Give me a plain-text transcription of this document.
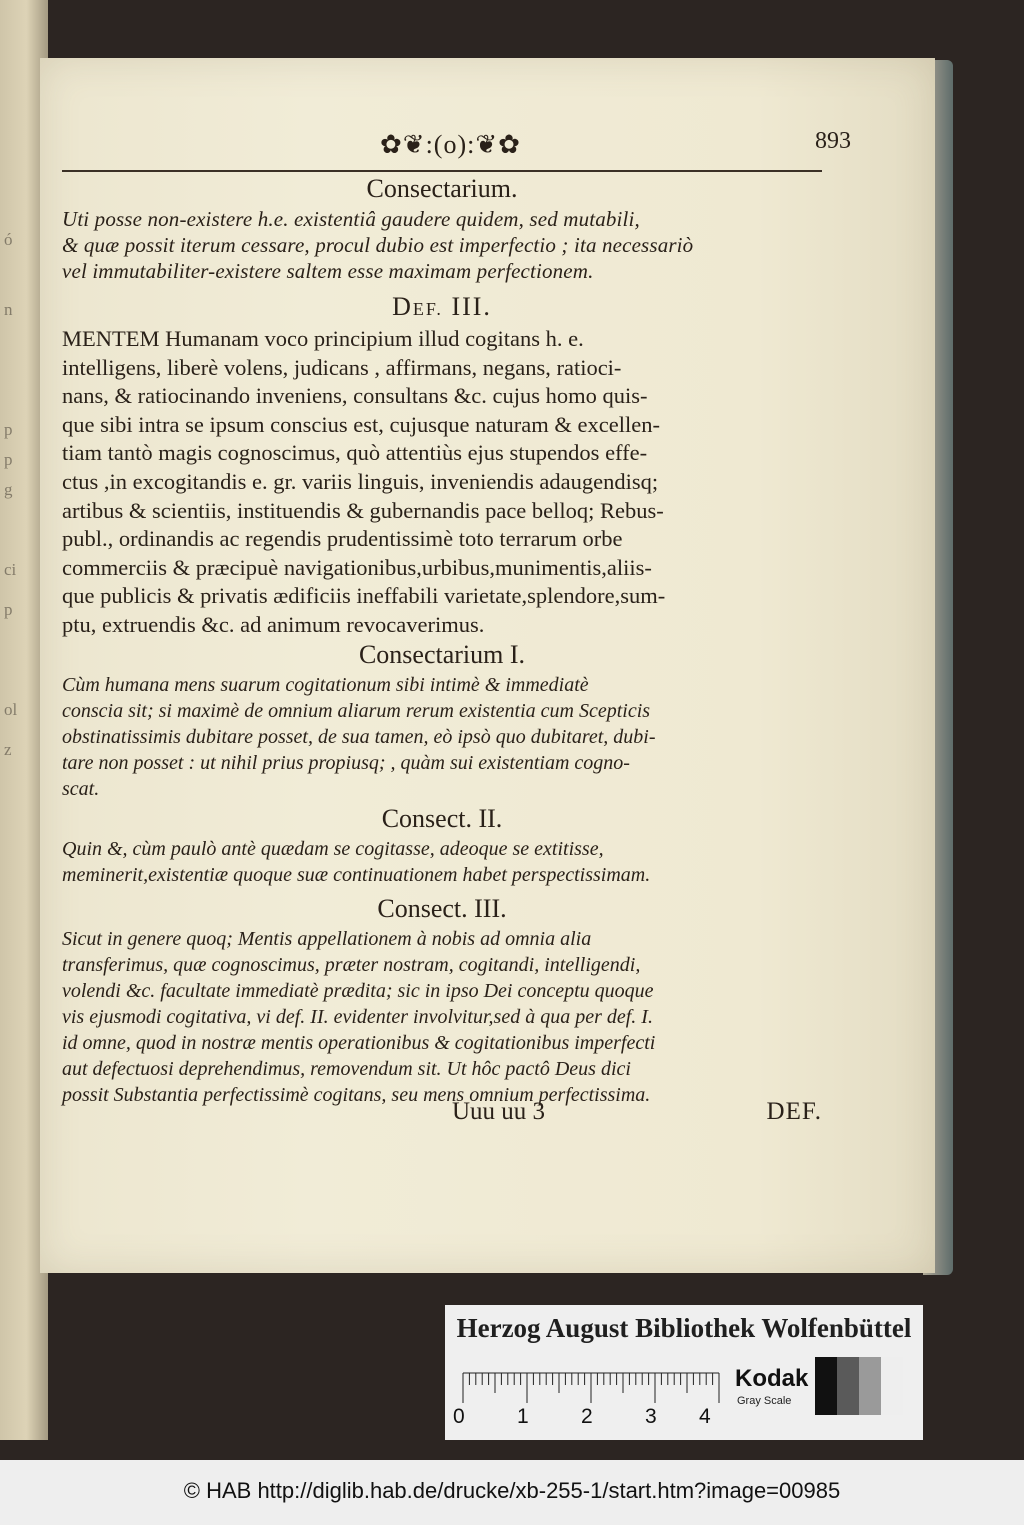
ó
n
p
p
g
ci
p
ol
z
✿❦:(o):❦✿	893
Consectarium.
Uti posse non-existere h.e. existentiâ gaudere quidem, sed mutabili,
& quæ possit iterum cessare, procul dubio est imperfectio ; ita necessariò
vel immutabiliter-existere saltem esse maximam perfectionem.
DEF. III.
MENTEM Humanam voco principium illud cogitans h. e.
intelligens, liberè volens, judicans , affirmans, negans, ratioci-
nans, & ratiocinando inveniens, consultans &c. cujus homo quis-
que sibi intra se ipsum conscius est, cujusque naturam & excellen-
tiam tantò magis cognoscimus, quò attentiùs ejus stupendos effe-
ctus ,in excogitandis e. gr. variis linguis, inveniendis adaugendisq;
artibus & scientiis, instituendis & gubernandis pace belloq; Rebus-
publ., ordinandis ac regendis prudentissimè toto terrarum orbe
commerciis & præcipuè navigationibus,urbibus,munimentis,aliis-
que publicis & privatis ædificiis ineffabili varietate,splendore,sum-
ptu, extruendis &c. ad animum revocaverimus.
Consectarium I.
Cùm humana mens suarum cogitationum sibi intimè & immediatè
conscia sit; si maximè de omnium aliarum rerum existentia cum Scepticis
obstinatissimis dubitare posset, de sua tamen, eò ipsò quo dubitaret, dubi-
tare non posset : ut nihil prius propiusq; , quàm sui existentiam cogno-
scat.
Consect. II.
Quin &, cùm paulò antè quædam se cogitasse, adeoque se extitisse,
meminerit,existentiæ quoque suæ continuationem habet perspectissimam.
Consect. III.
Sicut in genere quoq; Mentis appellationem à nobis ad omnia alia
transferimus, quæ cognoscimus, præter nostram, cogitandi, intelligendi,
volendi &c. facultate immediatè prædita; sic in ipso Dei conceptu quoque
vis ejusmodi cogitativa, vi def. II. evidenter involvitur,sed à qua per def. I.
id omne, quod in nostræ mentis operationibus & cogitationibus imperfecti
aut defectuosi deprehendimus, removendum sit. Ut hôc pactô Deus dici
possit Substantia perfectissimè cogitans, seu mens omnium perfectissima.
Uuu uu 3	DEF.
Herzog August Bibliothek Wolfenbüttel
0 1 2 3 4
Kodak
Gray Scale
© HAB http://diglib.hab.de/drucke/xb-255-1/start.htm?image=00985
